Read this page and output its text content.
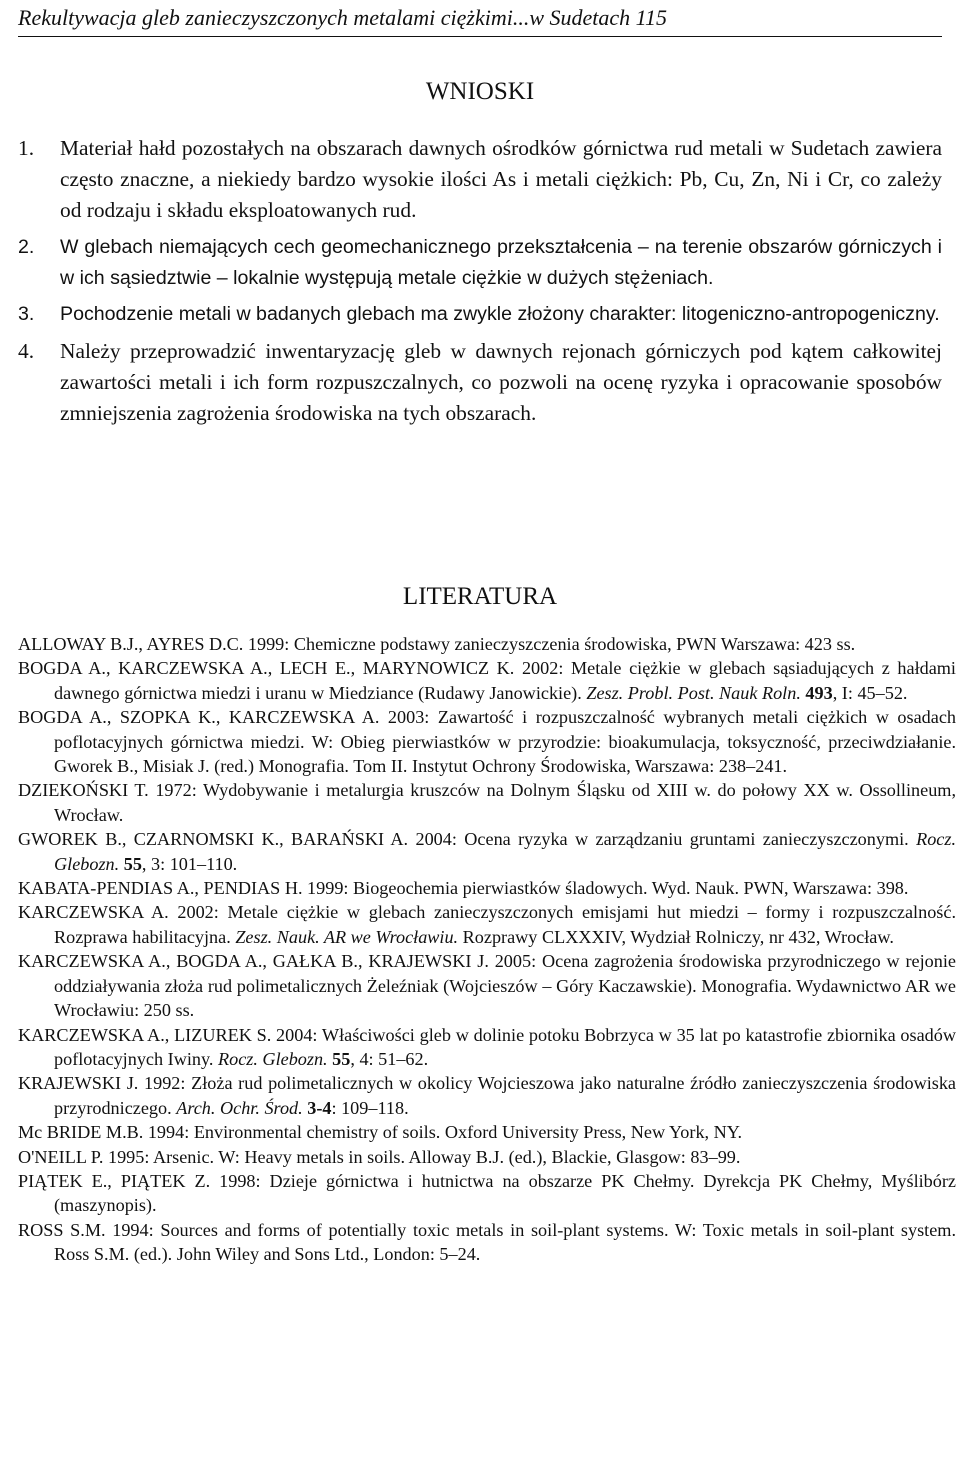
Rekultywacja gleb zanieczyszczonych metalami ciężkimi...w Sudetach 115
WNIOSKI
1. Materiał hałd pozostałych na obszarach dawnych ośrodków górnictwa rud metali w Sudetach zawiera często znaczne, a niekiedy bardzo wysokie ilości As i metali ciężkich: Pb, Cu, Zn, Ni i Cr, co zależy od rodzaju i składu eksploatowanych rud.
2. W glebach niemających cech geomechanicznego przekształcenia – na terenie obszarów górniczych i w ich sąsiedztwie – lokalnie występują metale ciężkie w dużych stężeniach.
3. Pochodzenie metali w badanych glebach ma zwykle złożony charakter: litogeniczno-antropogeniczny.
4. Należy przeprowadzić inwentaryzację gleb w dawnych rejonach górniczych pod kątem całkowitej zawartości metali i ich form rozpuszczalnych, co pozwoli na ocenę ryzyka i opracowanie sposobów zmniejszenia zagrożenia środowiska na tych obszarach.
LITERATURA

ALLOWAY B.J., AYRES D.C. 1999: Chemiczne podstawy zanieczyszczenia środowiska, PWN Warszawa: 423 ss.

BOGDA A., KARCZEWSKA A., LECH E., MARYNOWICZ K. 2002: Metale ciężkie w glebach sąsiadujących z hałdami dawnego górnictwa miedzi i uranu w Miedziance (Rudawy Janowickie). Zesz. Probl. Post. Nauk Roln. 493, I: 45–52.

BOGDA A., SZOPKA K., KARCZEWSKA A. 2003: Zawartość i rozpuszczalność wybranych metali ciężkich w osadach poflotacyjnych górnictwa miedzi. W: Obieg pierwiastków w przyrodzie: bioakumulacja, toksyczność, przeciwdziałanie. Gworek B., Misiak J. (red.) Monografia. Tom II. Instytut Ochrony Środowiska, Warszawa: 238–241.

DZIEKOŃSKI T. 1972: Wydobywanie i metalurgia kruszców na Dolnym Śląsku od XIII w. do połowy XX w. Ossollineum, Wrocław.

GWOREK B., CZARNOMSKI K., BARAŃSKI A. 2004: Ocena ryzyka w zarządzaniu gruntami zanieczyszczonymi. Rocz. Glebozn. 55, 3: 101–110.

KABATA-PENDIAS A., PENDIAS H. 1999: Biogeochemia pierwiastków śladowych. Wyd. Nauk. PWN, Warszawa: 398.

KARCZEWSKA A. 2002: Metale ciężkie w glebach zanieczyszczonych emisjami hut miedzi – formy i rozpuszczalność. Rozprawa habilitacyjna. Zesz. Nauk. AR we Wrocławiu. Rozprawy CLXXXIV, Wydział Rolniczy, nr 432, Wrocław.

KARCZEWSKA A., BOGDA A., GAŁKA B., KRAJEWSKI J. 2005: Ocena zagrożenia środowiska przyrodniczego w rejonie oddziaływania złoża rud polimetalicznych Żeleźniak (Wojcieszów – Góry Kaczawskie). Monografia. Wydawnictwo AR we Wrocławiu: 250 ss.

KARCZEWSKA A., LIZUREK S. 2004: Właściwości gleb w dolinie potoku Bobrzyca w 35 lat po katastrofie zbiornika osadów poflotacyjnych Iwiny. Rocz. Glebozn. 55, 4: 51–62.

KRAJEWSKI J. 1992: Złoża rud polimetalicznych w okolicy Wojcieszowa jako naturalne źródło zanieczyszczenia środowiska przyrodniczego. Arch. Ochr. Środ. 3-4: 109–118.

Mc BRIDE M.B. 1994: Environmental chemistry of soils. Oxford University Press, New York, NY.

O'NEILL P. 1995: Arsenic. W: Heavy metals in soils. Alloway B.J. (ed.), Blackie, Glasgow: 83–99.

PIĄTEK E., PIĄTEK Z. 1998: Dzieje górnictwa i hutnictwa na obszarze PK Chełmy. Dyrekcja PK Chełmy, Myślibórz (maszynopis).

ROSS S.M. 1994: Sources and forms of potentially toxic metals in soil-plant systems. W: Toxic metals in soil-plant system. Ross S.M. (ed.). John Wiley and Sons Ltd., London: 5–24.
